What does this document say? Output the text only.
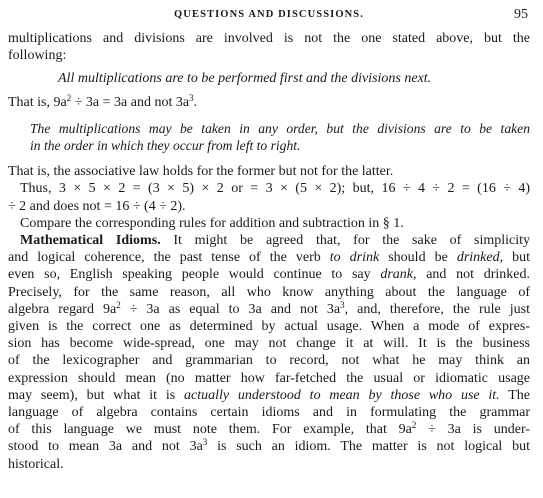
QUESTIONS AND DISCUSSIONS.	95
multiplications and divisions are involved is not the one stated above, but the
following:
All multiplications are to be performed first and the divisions next.
That is, $9a^2 \div 3a = 3a$ and not $3a^3$.
The multiplications may be taken in any order, but the divisions are to be taken
in the order in which they occur from left to right.
That is, the associative law holds for the former but not for the latter.
Thus, 3 × 5 × 2 = (3 × 5) × 2 or = 3 × (5 × 2); but, 16 ÷ 4 ÷ 2 = (16 ÷ 4)
÷ 2 and does not = 16 ÷ (4 ÷ 2).
Compare the corresponding rules for addition and subtraction in § 1.
Mathematical Idioms. It might be agreed that, for the sake of simplicity
and logical coherence, the past tense of the verb to drink should be drinked, but
even so, English speaking people would continue to say drank, and not drinked.
Precisely, for the same reason, all who know anything about the language of
algebra regard $9a^2 \div 3a$ as equal to 3a and not $3a^3$, and, therefore, the rule just
given is the correct one as determined by actual usage. When a mode of expres-
sion has become wide-spread, one may not change it at will. It is the business
of the lexicographer and grammarian to record, not what he may think an
expression should mean (no matter how far-fetched the usual or idiomatic usage
may seem), but what it is actually understood to mean by those who use it. The
language of algebra contains certain idioms and in formulating the grammar
of this language we must note them. For example, that $9a^2 \div 3a$ is under-
stood to mean 3a and not $3a^3$ is such an idiom. The matter is not logical but
historical.
